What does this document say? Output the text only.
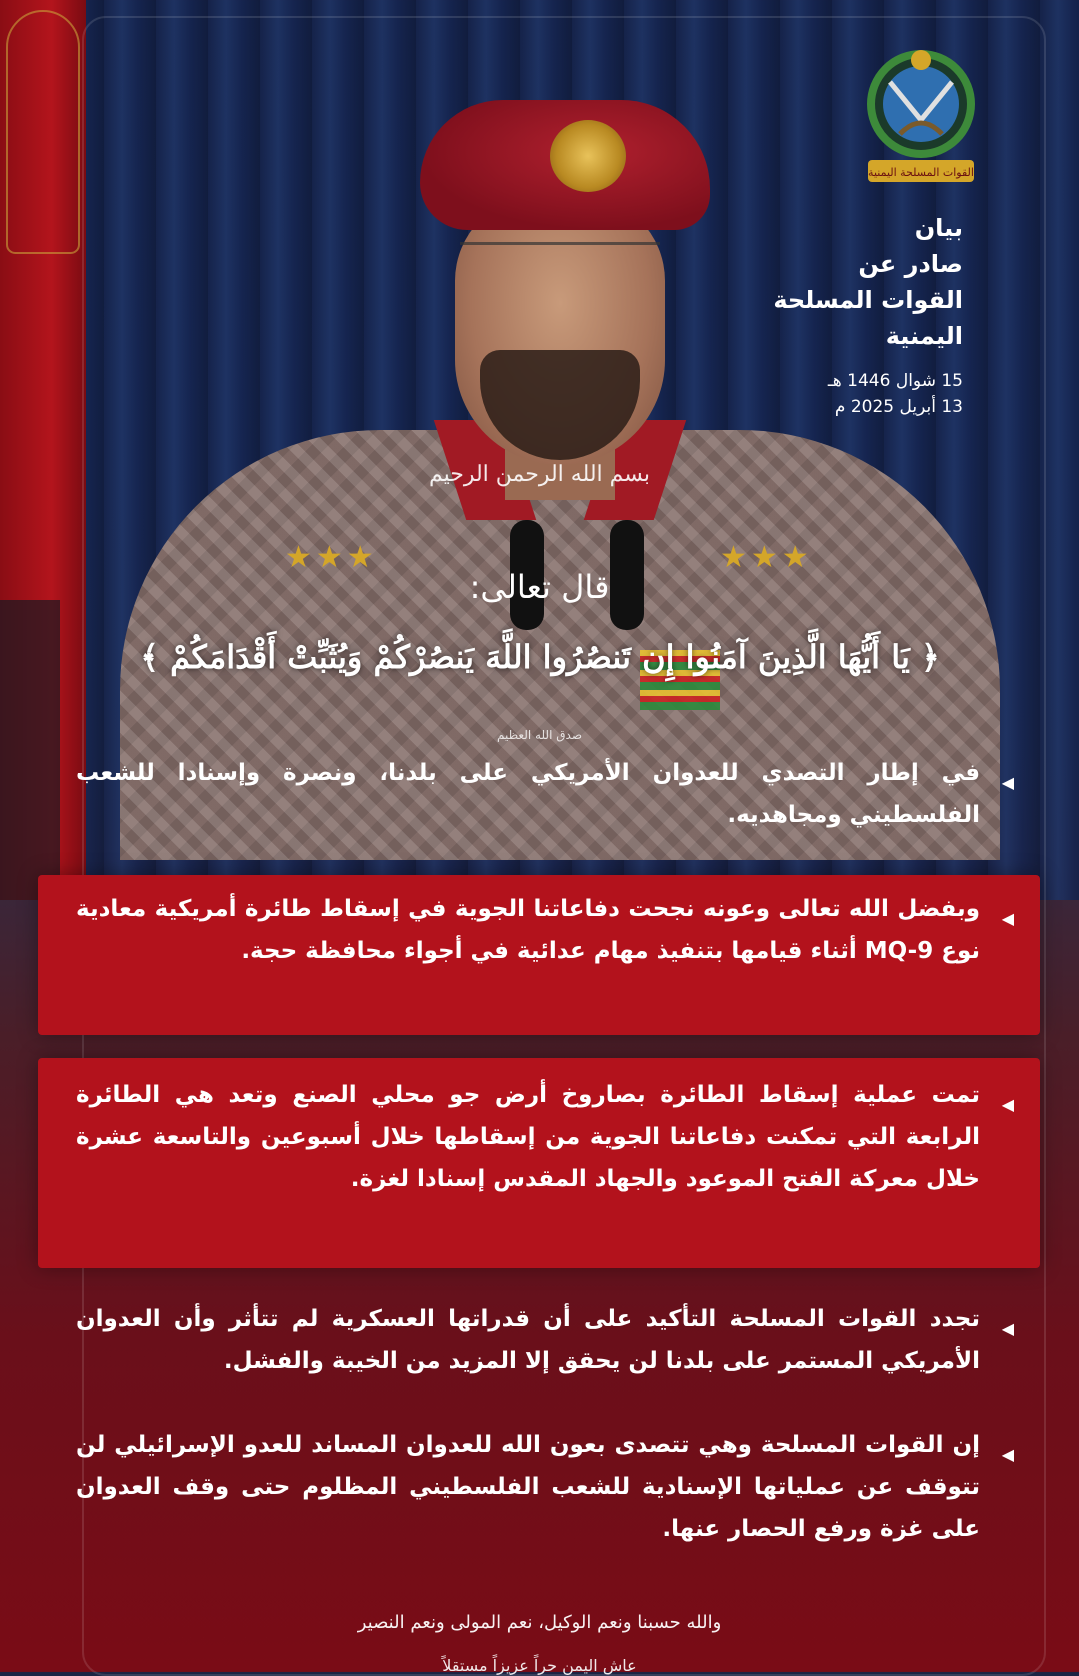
★★★	★★★
القوات المسلحة اليمنية
بيان
صادر عن
القوات المسلحة
اليمنية
15 شوال 1446 هـ
13 أبريل 2025 م
بسم الله الرحمن الرحيم
قال تعالى:
﴿ يَا أَيُّهَا الَّذِينَ آمَنُوا إِن تَنصُرُوا اللَّهَ يَنصُرْكُمْ وَيُثَبِّتْ أَقْدَامَكُمْ ﴾
صدق الله العظيم
◀
في إطار التصدي للعدوان الأمريكي على بلدنا، ونصرة وإسنادا للشعب الفلسطيني ومجاهديه.
◀
وبفضل الله تعالى وعونه نجحت دفاعاتنا الجوية في إسقاط طائرة أمريكية معادية نوع MQ-9 أثناء قيامها بتنفيذ مهام عدائية في أجواء محافظة حجة.
◀
تمت عملية إسقاط الطائرة بصاروخ أرض جو محلي الصنع وتعد هي الطائرة الرابعة التي تمكنت دفاعاتنا الجوية من إسقاطها خلال أسبوعين والتاسعة عشرة خلال معركة الفتح الموعود والجهاد المقدس إسنادا لغزة.
◀
تجدد القوات المسلحة التأكيد على أن قدراتها العسكرية لم تتأثر وأن العدوان الأمريكي المستمر على بلدنا لن يحقق إلا المزيد من الخيبة والفشل.
◀
إن القوات المسلحة وهي تتصدى بعون الله للعدوان المساند للعدو الإسرائيلي لن تتوقف عن عملياتها الإسنادية للشعب الفلسطيني المظلوم حتى وقف العدوان على غزة ورفع الحصار عنها.
والله حسبنا ونعم الوكيل، نعم المولى ونعم النصير
عاش اليمن حراً عزيزاً مستقلاً
